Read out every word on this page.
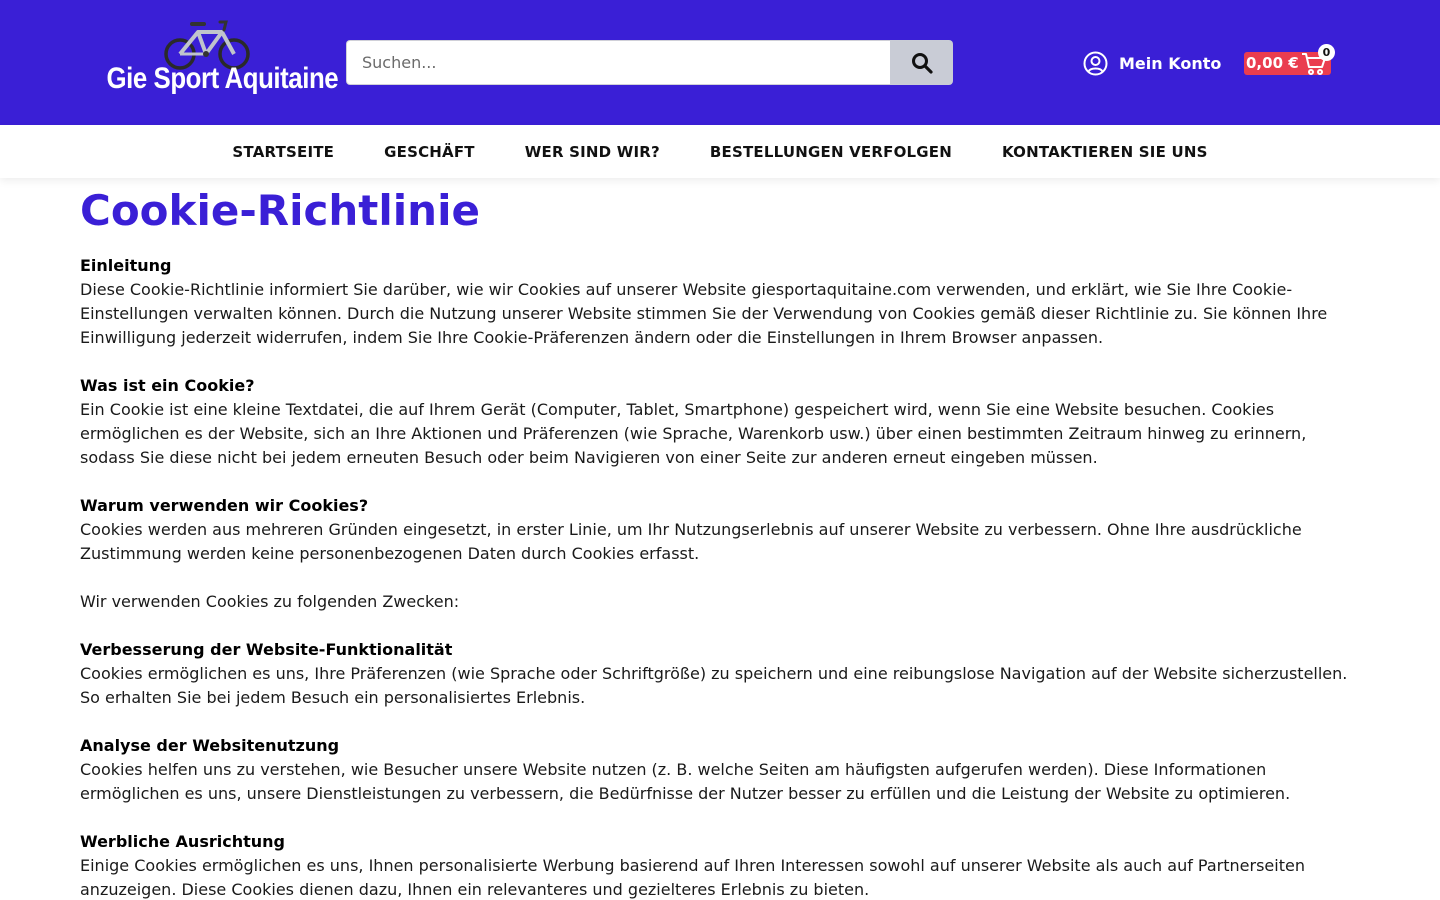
Gie Sport Aquitaine
Suchen...	Mein Konto 0,00 €
0
STARTSEITE	GESCHÄFT	WER SIND WIR?	BESTELLUNGEN VERFOLGEN	KONTAKTIEREN SIE UNS
Cookie-Richtlinie
Einleitung
Diese Cookie-Richtlinie informiert Sie darüber, wie wir Cookies auf unserer Website giesportaquitaine.com verwenden, und erklärt, wie Sie Ihre Cookie-Einstellungen verwalten können. Durch die Nutzung unserer Website stimmen Sie der Verwendung von Cookies gemäß dieser Richtlinie zu. Sie können Ihre Einwilligung jederzeit widerrufen, indem Sie Ihre Cookie-Präferenzen ändern oder die Einstellungen in Ihrem Browser anpassen.
Was ist ein Cookie?
Ein Cookie ist eine kleine Textdatei, die auf Ihrem Gerät (Computer, Tablet, Smartphone) gespeichert wird, wenn Sie eine Website besuchen. Cookies ermöglichen es der Website, sich an Ihre Aktionen und Präferenzen (wie Sprache, Warenkorb usw.) über einen bestimmten Zeitraum hinweg zu erinnern, sodass Sie diese nicht bei jedem erneuten Besuch oder beim Navigieren von einer Seite zur anderen erneut eingeben müssen.
Warum verwenden wir Cookies?
Cookies werden aus mehreren Gründen eingesetzt, in erster Linie, um Ihr Nutzungserlebnis auf unserer Website zu verbessern. Ohne Ihre ausdrückliche Zustimmung werden keine personenbezogenen Daten durch Cookies erfasst.
Wir verwenden Cookies zu folgenden Zwecken:
Verbesserung der Website-Funktionalität
Cookies ermöglichen es uns, Ihre Präferenzen (wie Sprache oder Schriftgröße) zu speichern und eine reibungslose Navigation auf der Website sicherzustellen. So erhalten Sie bei jedem Besuch ein personalisiertes Erlebnis.
Analyse der Websitenutzung
Cookies helfen uns zu verstehen, wie Besucher unsere Website nutzen (z. B. welche Seiten am häufigsten aufgerufen werden). Diese Informationen ermöglichen es uns, unsere Dienstleistungen zu verbessern, die Bedürfnisse der Nutzer besser zu erfüllen und die Leistung der Website zu optimieren.
Werbliche Ausrichtung
Einige Cookies ermöglichen es uns, Ihnen personalisierte Werbung basierend auf Ihren Interessen sowohl auf unserer Website als auch auf Partnerseiten anzuzeigen. Diese Cookies dienen dazu, Ihnen ein relevanteres und gezielteres Erlebnis zu bieten.
